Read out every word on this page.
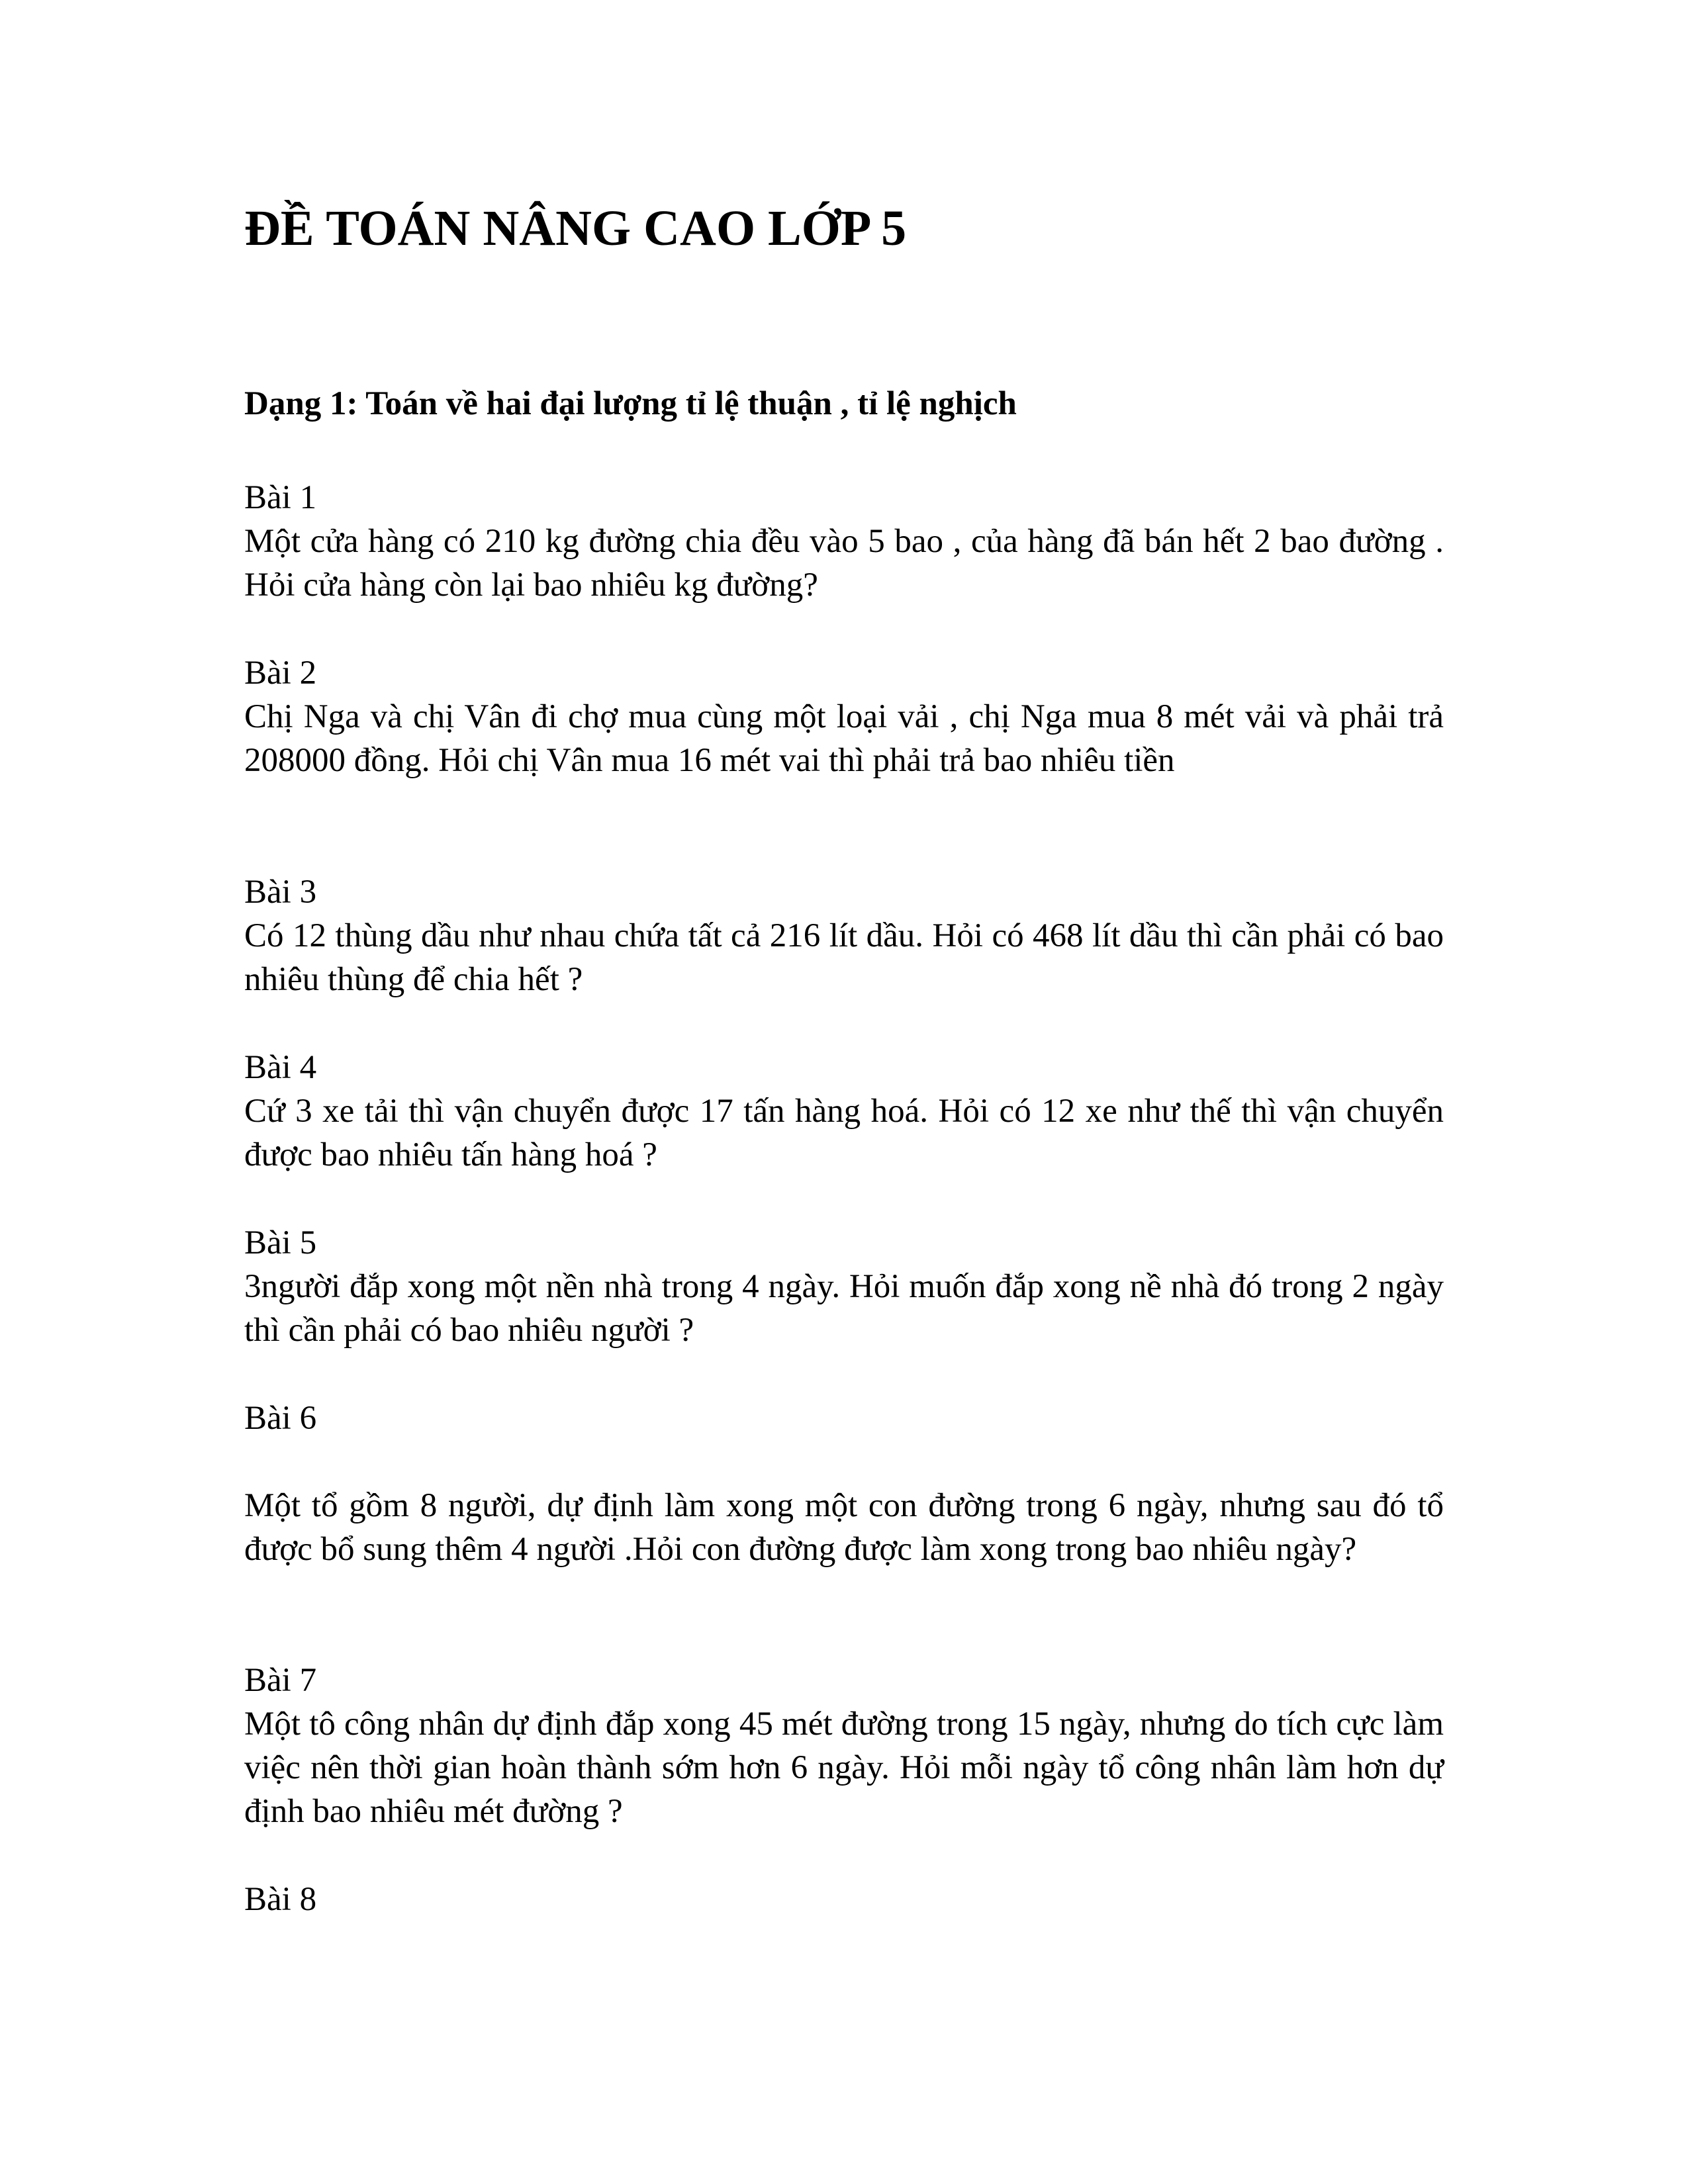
ĐỀ TOÁN NÂNG CAO LỚP 5
Dạng 1: Toán về hai đại lượng tỉ lệ thuận , tỉ lệ nghịch

Bài 1

Một cửa hàng có 210 kg đường chia đều vào 5 bao , của hàng đã bán hết 2 bao đường . Hỏi cửa hàng còn lại bao nhiêu kg đường?

Bài 2

Chị Nga và chị Vân đi chợ mua cùng một loại vải , chị Nga mua 8 mét vải và phải trả 208000 đồng. Hỏi chị Vân mua 16 mét vai thì phải trả bao nhiêu tiền

Bài 3

Có 12 thùng dầu như nhau chứa tất cả 216 lít dầu. Hỏi có 468 lít dầu thì cần phải có bao nhiêu thùng để chia hết ?

Bài 4

Cứ 3 xe tải thì vận chuyển được 17 tấn hàng hoá. Hỏi có 12 xe như thế thì vận chuyển được bao nhiêu tấn hàng hoá ?

Bài 5

3người đắp xong một nền nhà trong 4 ngày. Hỏi muốn đắp xong nề nhà đó trong 2 ngày thì cần phải có bao nhiêu người ?

Bài 6

Một tổ gồm 8 người, dự định làm xong một con đường trong 6 ngày, nhưng sau đó tổ được bổ sung thêm 4 người .Hỏi con đường được làm xong trong bao nhiêu ngày?

Bài 7

Một tô công nhân dự định đắp xong 45 mét đường trong 15 ngày, nhưng do tích cực làm việc nên thời gian hoàn thành sớm hơn 6 ngày. Hỏi mỗi ngày tổ công nhân làm hơn dự định bao nhiêu mét đường ?

Bài 8
